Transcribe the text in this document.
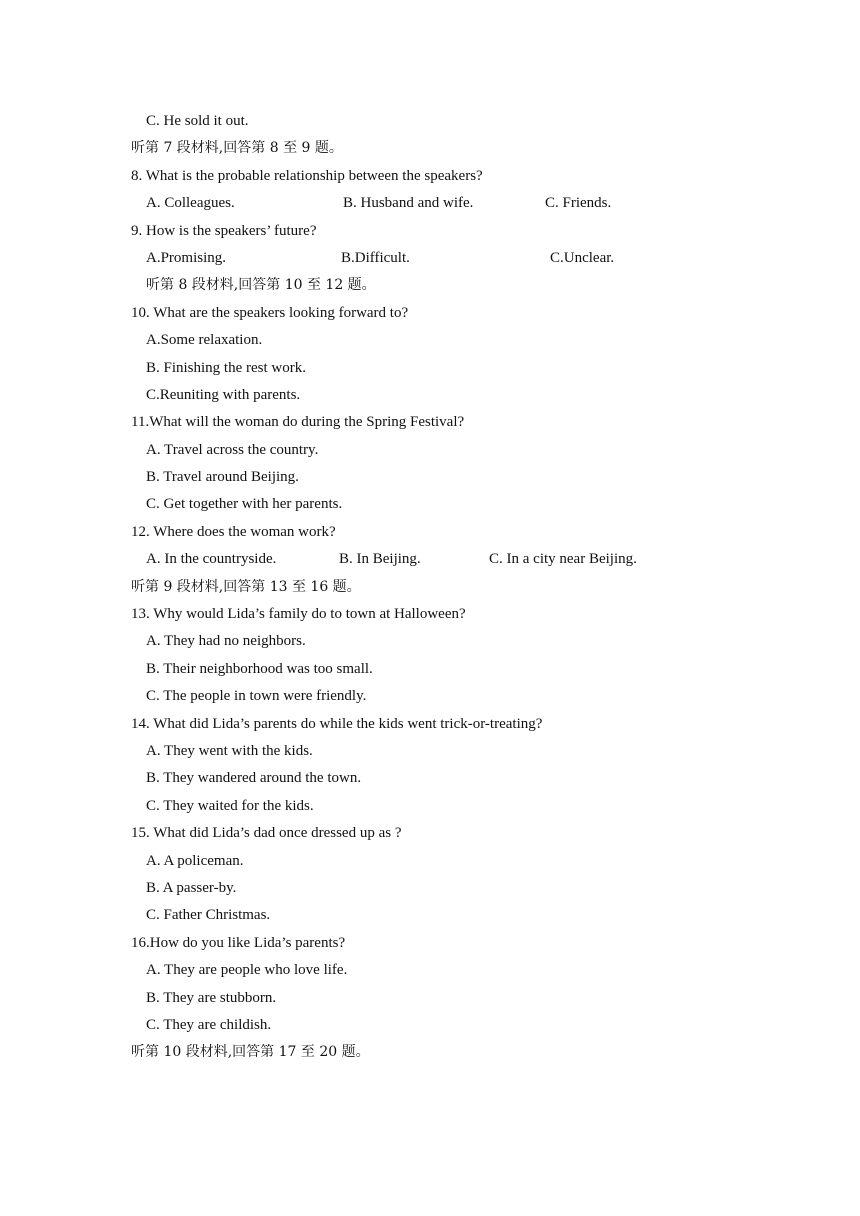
C. He sold it out.
听第 7 段材料,回答第 8 至 9 题。
8. What is the probable relationship between the speakers?
A. Colleagues.	B. Husband and wife.	C. Friends.
9. How is the speakers’ future?
A.Promising.	B.Difficult.	C.Unclear.
听第 8 段材料,回答第 10 至 12 题。
10. What are the speakers looking forward to?
A.Some relaxation.
B. Finishing the rest work.
C.Reuniting with parents.
11.What will the woman do during the Spring Festival?
A. Travel across the country.
B. Travel around Beijing.
C. Get together with her parents.
12. Where does the woman work?
A. In the countryside.	B. In Beijing.	C. In a city near Beijing.
听第 9 段材料,回答第 13 至 16 题。
13. Why would Lida’s family do to town at Halloween?
A. They had no neighbors.
B. Their neighborhood was too small.
C. The people in town were friendly.
14. What did Lida’s parents do while the kids went trick-or-treating?
A. They went with the kids.
B. They wandered around the town.
C. They waited for the kids.
15. What did Lida’s dad once dressed up as ?
A. A policeman.
B. A passer-by.
C. Father Christmas.
16.How do you like Lida’s parents?
A. They are people who love life.
B. They are stubborn.
C. They are childish.
听第 10 段材料,回答第 17 至 20 题。
